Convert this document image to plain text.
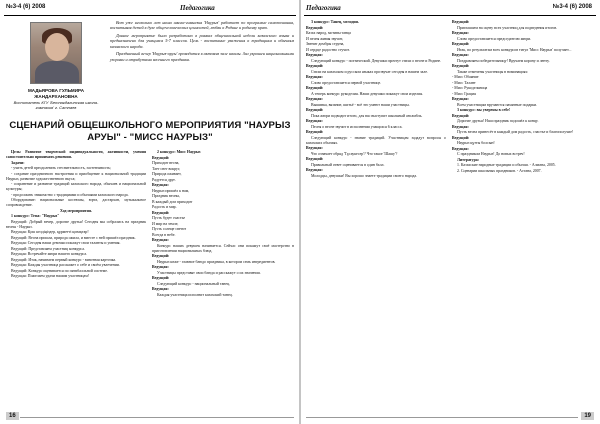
№3-4 (6) 2008	Педагогика
МАДЬЯРОВА ГУЛЬМИРА ЖАНДАРХАНОВНА
Воспитатель КГУ 'Бетпакдалинская школа-гимназия' г. Сатпаев

Вот уже несколько лет наша школа-гимназия 'Наурыз' работает по программе самопознания, воспитывая детей в духе общечеловеческих ценностей, любви к Родине и родному краю.

Данное мероприятие было разработано в рамках общешкольной недели казахского языка и предназначено для учащихся 5-7 классов. Цель - воспитание уважения к традициям и обычаям казахского народа.

Праздничный вечер 'Наурыз-аруы' проводится в актовом зале школы. Зал украшен национальными узорами и атрибутами весеннего праздника.

СЦЕНАРИЙ ОБЩЕШКОЛЬНОГО МЕРОПРИЯТИЯ "НАУРЫЗ АРУЫ" - "МИСС НАУРЫЗ"

Цель: Развитие творческой индивидуальности, активности, умения самостоятельно принимать решения.

Задачи:

- учить детей преодолевать стеснительность, застенчивость;

- создание праздничного настроения и приобщение к национальной традиции Наурыз, развитие художественного вкуса;

- сохранение и развитие традиций казахского народа, обычаев и национальной культуры;

- продолжить знакомство с традициями и обычаями казахского народа.

Оборудование: национальные костюмы, юрта, дастархан, музыкальное сопровождение.

Ход мероприятия.

1 конкурс: Тема: "Наурыз"

Ведущий: Добрый вечер, дорогие друзья! Сегодня мы собрались на праздник весны - Наурыз.

Ведущая: Қош келдіңіздер, құрметті қонақтар!

Ведущий: Весна пришла, природа ожила, и вместе с ней пришёл праздник.

Ведущая: Сегодня наши девочки покажут свои таланты и умения.

Ведущий: Представляем участниц конкурса.

Ведущая: Встречайте жюри нашего конкурса.

Ведущий: Итак, начинаем первый конкурс - визитная карточка.

Ведущая: Каждая участница расскажет о себе и своём увлечении.

Ведущий: Конкурс оценивается по пятибалльной системе.

Ведущая: Пожелаем удачи нашим участницам!

2 конкурс: Мисс Наурыз

Ведущий:

Приходит весна,

Тает снег вокруг,

Природа оживает,

Радуется друг.

Ведущая:

Наурыз пришёл к нам,

Праздник весны,

В каждый дом приходит

Радость и мир.

Ведущий:

Пусть будет счастье

И мир на земле,

Пусть солнце светит

Всегда в небе.

Ведущая:

Конкурс наших девушек начинается. Сейчас они покажут своё мастерство в приготовлении национальных блюд.

Ведущий:

Наурыз көже - главное блюдо праздника, в котором семь ингредиентов.

Ведущая:

Участницы представят свои блюда и расскажут о их значении.

Ведущий:

Следующий конкурс - национальный танец.

Ведущая:

Каждая участница исполнит казахский танец.

16
Педагогика	№3-4 (6) 2008

3 конкурс: Танец, мелодия.

Ведущий:

Казах народ, мотивы танца

И песня живая звучит,

Звенит домбры струна,

И сердце радостно стучит.

Ведущая:

Следующий конкурс - поэтический. Девушки прочтут стихи о весне и Родине.

Ведущий:

Стихи на казахском и русском языках прозвучат сегодня в нашем зале.

Ведущая:

Слово предоставляется первой участнице.

Ведущий:

А теперь конкурс рукоделия. Наши девушки покажут свои изделия.

Ведущая:

Вышивка, вязание, шитьё - всё это умеют наши участницы.

Ведущий:

Пока жюри подводит итоги, для вас выступит школьный ансамбль.

Ведущая:

Песня о весне звучит в исполнении учащихся 6 класса.

Ведущий:

Следующий конкурс - знание традиций. Участницам зададут вопросы о казахских обычаях.

Ведущая:

Что означает обряд 'Тұсаукесер'? Что такое 'Шашу'?

Ведущий:

Правильный ответ оценивается в один балл.

Ведущая:

Молодцы, девушки! Вы хорошо знаете традиции своего народа.

Ведущий:

Приглашаем на сцену всех участниц для подведения итогов.

Ведущая:

Слово предоставляется председателю жюри.

Ведущий:

Итак, по результатам всех конкурсов титул 'Мисс Наурыз' получает...

Ведущая:

Поздравляем победительницу! Вручаем корону и ленту.

Ведущий:

Также отмечены участницы в номинациях:

- Мисс Обаяние

- Мисс Талант

- Мисс Рукодельница

- Мисс Грация

Ведущая:

Всем участницам вручаются памятные подарки.

3 конкурс: вы уверены в себе!

Ведущий:

Дорогие друзья! Наш праздник подошёл к концу.

Ведущая:

Пусть весна принесёт в каждый дом радость, счастье и благополучие!

Ведущий:

Наурыз құтты болсын!

Ведущая:

С праздником Наурыз! До новых встреч!

Литература:

1. Казахские народные традиции и обычаи. - Алматы, 2005.

2. Сценарии школьных праздников. - Астана, 2007.

19
